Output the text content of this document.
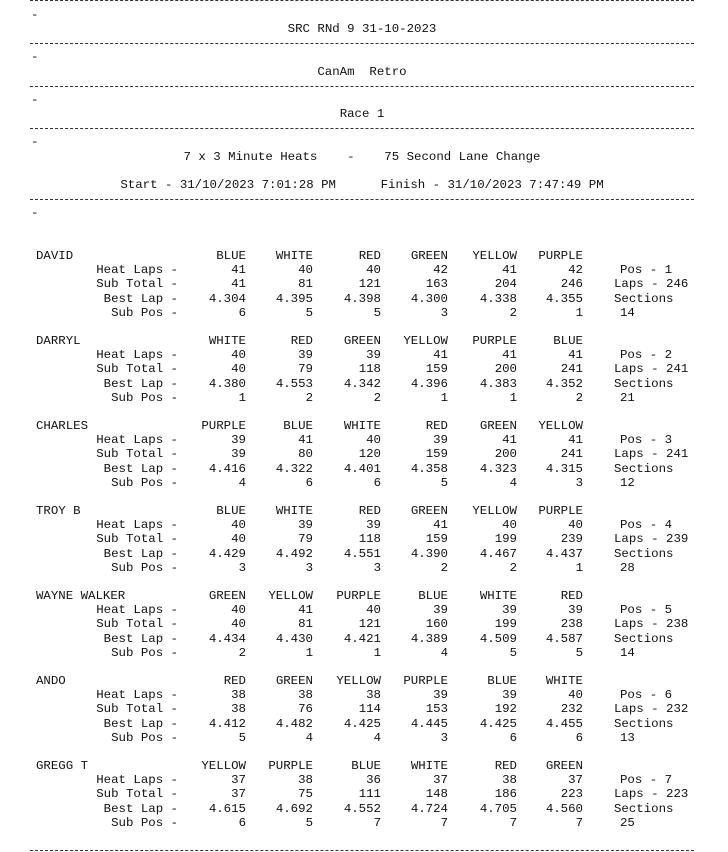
-
SRC RNd 9 31-10-2023
-
CanAm  Retro
-
Race 1
-
7 x 3 Minute Heats    -    75 Second Lane Change
Start - 31/10/2023 7:01:28 PM      Finish - 31/10/2023 7:47:49 PM
-
DAVID	BLUE	WHITE	RED	GREEN	YELLOW	PURPLE
Heat Laps -	41	40	40	42	41	42
Sub Total -	41	81	121	163	204	246
Best Lap -	4.304	4.395	4.398	4.300	4.338	4.355
Sub Pos -	6	5	5	3	2	1
Pos - 1
Laps - 246
Sections
14
DARRYL	WHITE	RED	GREEN	YELLOW	PURPLE	BLUE
Heat Laps -	40	39	39	41	41	41
Sub Total -	40	79	118	159	200	241
Best Lap -	4.380	4.553	4.342	4.396	4.383	4.352
Sub Pos -	1	2	2	1	1	2
Pos - 2
Laps - 241
Sections
21
CHARLES	PURPLE	BLUE	WHITE	RED	GREEN	YELLOW
Heat Laps -	39	41	40	39	41	41
Sub Total -	39	80	120	159	200	241
Best Lap -	4.416	4.322	4.401	4.358	4.323	4.315
Sub Pos -	4	6	6	5	4	3
Pos - 3
Laps - 241
Sections
12
TROY B	BLUE	WHITE	RED	GREEN	YELLOW	PURPLE
Heat Laps -	40	39	39	41	40	40
Sub Total -	40	79	118	159	199	239
Best Lap -	4.429	4.492	4.551	4.390	4.467	4.437
Sub Pos -	3	3	3	2	2	1
Pos - 4
Laps - 239
Sections
28
WAYNE WALKER	GREEN	YELLOW	PURPLE	BLUE	WHITE	RED
Heat Laps -	40	41	40	39	39	39
Sub Total -	40	81	121	160	199	238
Best Lap -	4.434	4.430	4.421	4.389	4.509	4.587
Sub Pos -	2	1	1	4	5	5
Pos - 5
Laps - 238
Sections
14
ANDO	RED	GREEN	YELLOW	PURPLE	BLUE	WHITE
Heat Laps -	38	38	38	39	39	40
Sub Total -	38	76	114	153	192	232
Best Lap -	4.412	4.482	4.425	4.445	4.425	4.455
Sub Pos -	5	4	4	3	6	6
Pos - 6
Laps - 232
Sections
13
GREGG T	YELLOW	PURPLE	BLUE	WHITE	RED	GREEN
Heat Laps -	37	38	36	37	38	37
Sub Total -	37	75	111	148	186	223
Best Lap -	4.615	4.692	4.552	4.724	4.705	4.560
Sub Pos -	6	5	7	7	7	7
Pos - 7
Laps - 223
Sections
25
